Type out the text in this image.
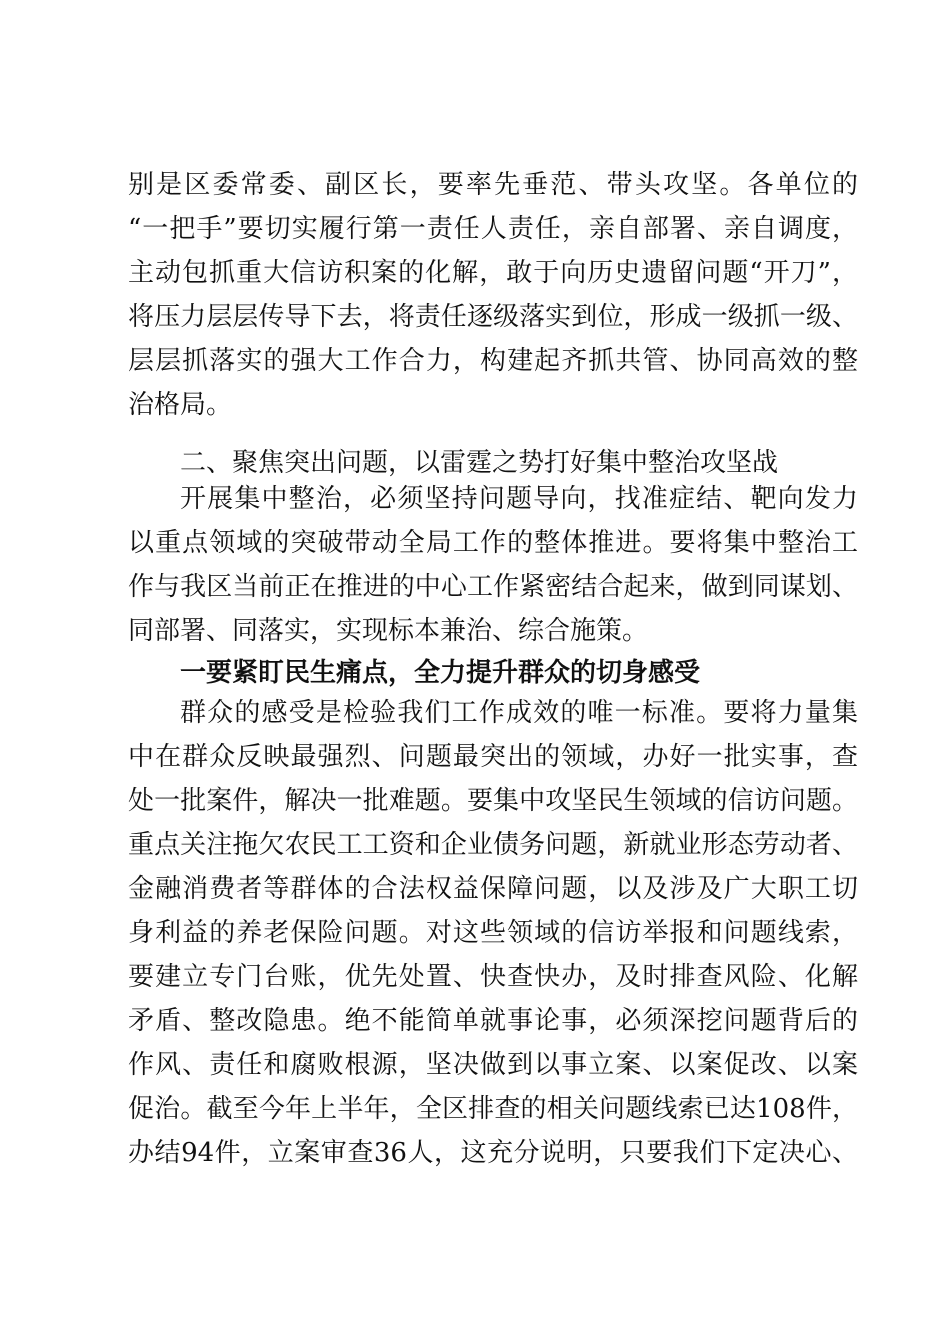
别是区委常委、副区长，要率先垂范、带头攻坚。各单位的
“一把手”要切实履行第一责任人责任，亲自部署、亲自调度，
主动包抓重大信访积案的化解，敢于向历史遗留问题“开刀”，
将压力层层传导下去，将责任逐级落实到位，形成一级抓一级、
层层抓落实的强大工作合力，构建起齐抓共管、协同高效的整
治格局。
二、聚焦突出问题，以雷霆之势打好集中整治攻坚战
开展集中整治，必须坚持问题导向，找准症结、靶向发力
以重点领域的突破带动全局工作的整体推进。要将集中整治工
作与我区当前正在推进的中心工作紧密结合起来，做到同谋划、
同部署、同落实，实现标本兼治、综合施策。
一要紧盯民生痛点，全力提升群众的切身感受
群众的感受是检验我们工作成效的唯一标准。要将力量集
中在群众反映最强烈、问题最突出的领域，办好一批实事，查
处一批案件，解决一批难题。要集中攻坚民生领域的信访问题。
重点关注拖欠农民工工资和企业债务问题，新就业形态劳动者、
金融消费者等群体的合法权益保障问题，以及涉及广大职工切
身利益的养老保险问题。对这些领域的信访举报和问题线索，
要建立专门台账，优先处置、快查快办，及时排查风险、化解
矛盾、整改隐患。绝不能简单就事论事，必须深挖问题背后的
作风、责任和腐败根源，坚决做到以事立案、以案促改、以案
促治。截至今年上半年，全区排查的相关问题线索已达108件，
办结94件，立案审查36人，这充分说明，只要我们下定决心、
